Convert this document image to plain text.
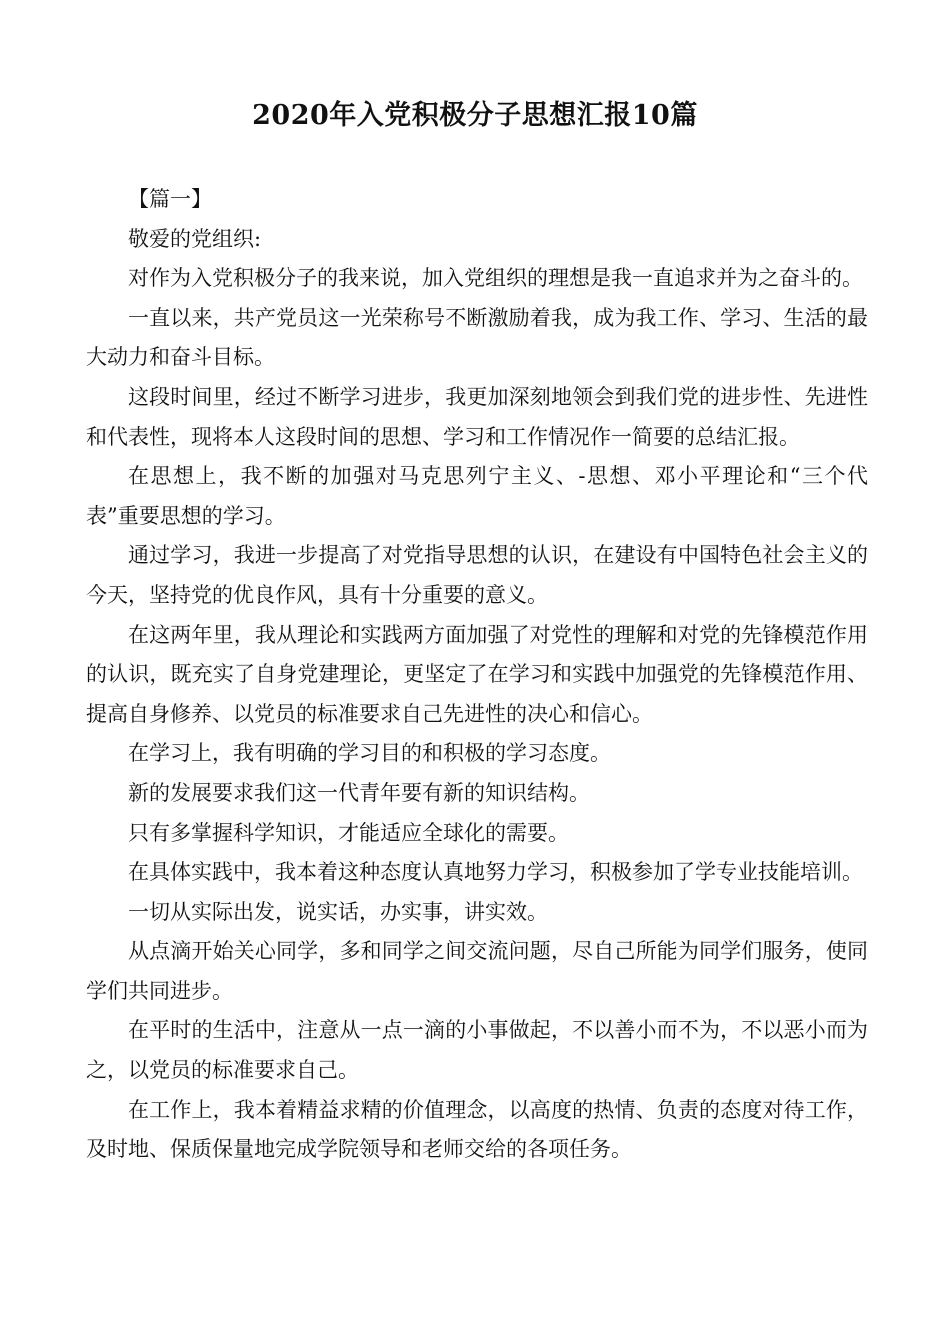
2020年入党积极分子思想汇报10篇

【篇一】

敬爱的党组织:

对作为入党积极分子的我来说，加入党组织的理想是我一直追求并为之奋斗的。

一直以来，共产党员这一光荣称号不断激励着我，成为我工作、学习、生活的最大动力和奋斗目标。

这段时间里，经过不断学习进步，我更加深刻地领会到我们党的进步性、先进性和代表性，现将本人这段时间的思想、学习和工作情况作一简要的总结汇报。

在思想上，我不断的加强对马克思列宁主义、-思想、邓小平理论和“三个代表”重要思想的学习。

通过学习，我进一步提高了对党指导思想的认识，在建设有中国特色社会主义的今天，坚持党的优良作风，具有十分重要的意义。

在这两年里，我从理论和实践两方面加强了对党性的理解和对党的先锋模范作用的认识，既充实了自身党建理论，更坚定了在学习和实践中加强党的先锋模范作用、提高自身修养、以党员的标准要求自己先进性的决心和信心。

在学习上，我有明确的学习目的和积极的学习态度。

新的发展要求我们这一代青年要有新的知识结构。

只有多掌握科学知识，才能适应全球化的需要。

在具体实践中，我本着这种态度认真地努力学习，积极参加了学专业技能培训。

一切从实际出发，说实话，办实事，讲实效。

从点滴开始关心同学，多和同学之间交流问题，尽自己所能为同学们服务，使同学们共同进步。

在平时的生活中，注意从一点一滴的小事做起，不以善小而不为，不以恶小而为之，以党员的标准要求自己。

在工作上，我本着精益求精的价值理念，以高度的热情、负责的态度对待工作，及时地、保质保量地完成学院领导和老师交给的各项任务。
